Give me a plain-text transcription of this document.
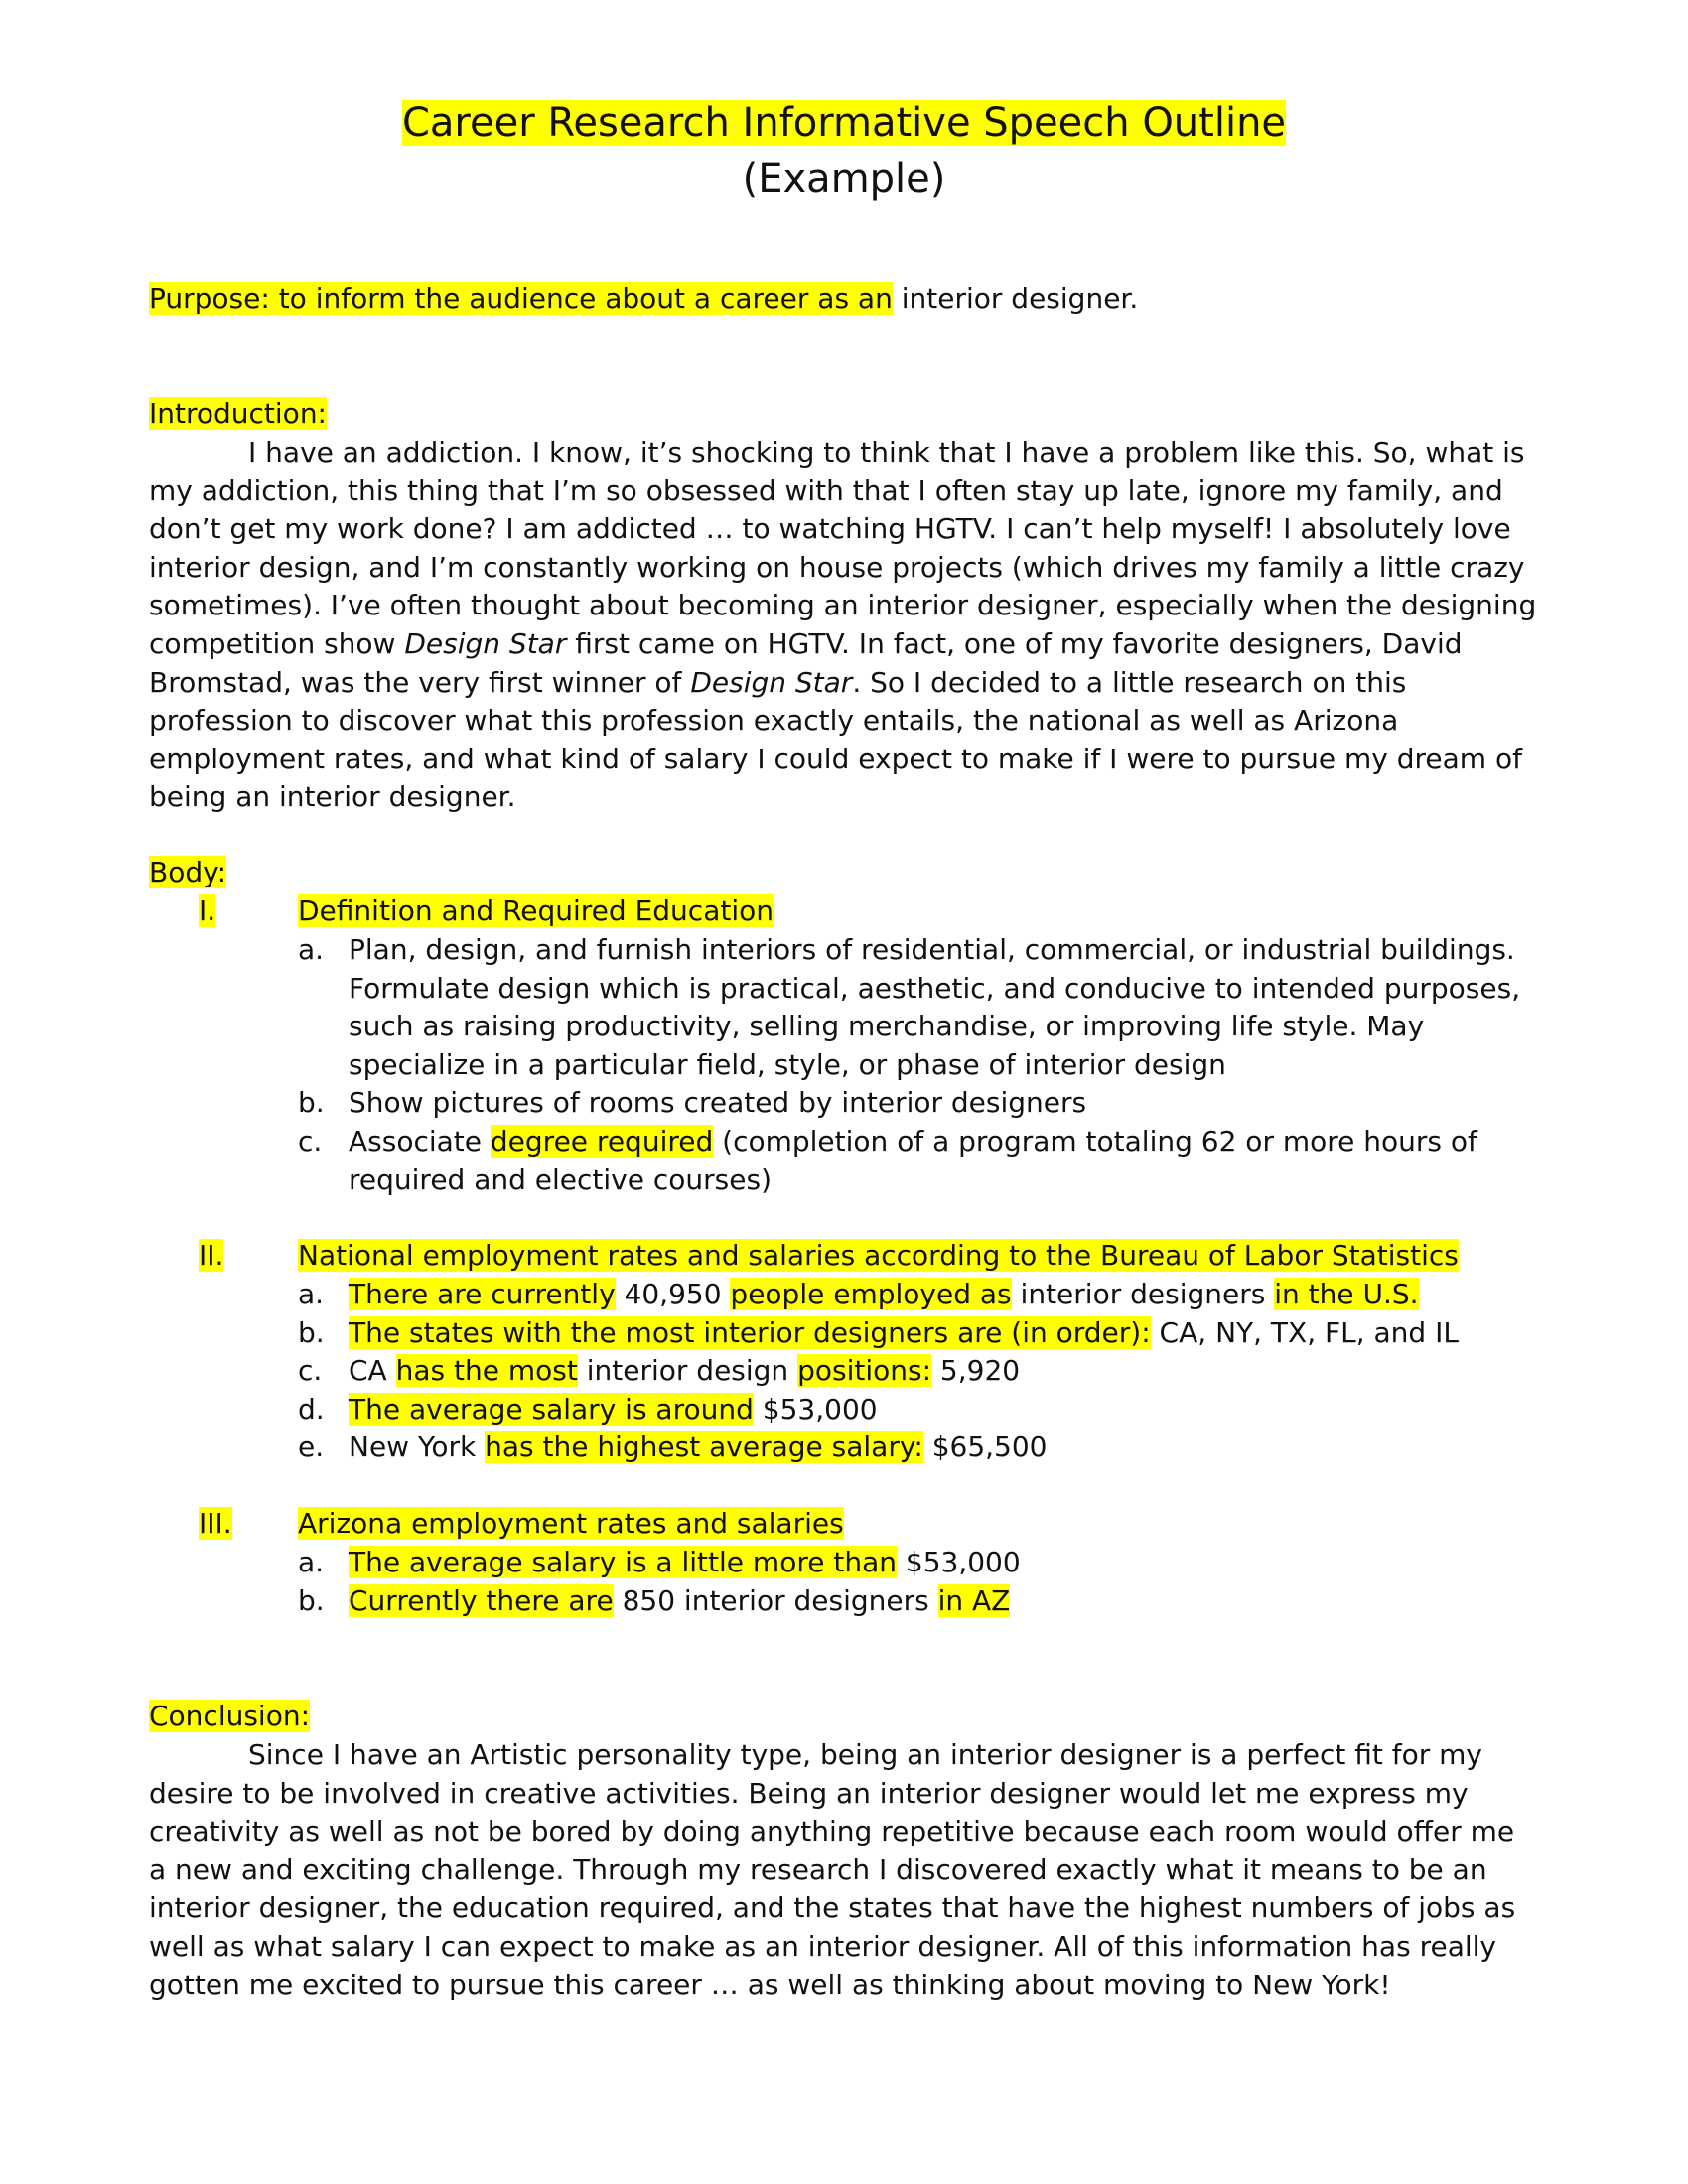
Career Research Informative Speech Outline
(Example)
Purpose: to inform the audience about a career as an interior designer.
Introduction:

I have an addiction. I know, it’s shocking to think that I have a problem like this. So, what is my addiction, this thing that I’m so obsessed with that I often stay up late, ignore my family, and don’t get my work done? I am addicted … to watching HGTV. I can’t help myself! I absolutely love interior design, and I’m constantly working on house projects (which drives my family a little crazy sometimes). I’ve often thought about becoming an interior designer, especially when the designing competition show Design Star first came on HGTV. In fact, one of my favorite designers, David Bromstad, was the very first winner of Design Star. So I decided to a little research on this profession to discover what this profession exactly entails, the national as well as Arizona employment rates, and what kind of salary I could expect to make if I were to pursue my dream of being an interior designer.

Body:
I.	Definition and Required Education
a. Plan, design, and furnish interiors of residential, commercial, or industrial buildings. Formulate design which is practical, aesthetic, and conducive to intended purposes, such as raising productivity, selling merchandise, or improving life style. May specialize in a particular field, style, or phase of interior design
b. Show pictures of rooms created by interior designers
c. Associate degree required (completion of a program totaling 62 or more hours of required and elective courses)
II.	National employment rates and salaries according to the Bureau of Labor Statistics
a. There are currently 40,950 people employed as interior designers in the U.S.
b. The states with the most interior designers are (in order): CA, NY, TX, FL, and IL
c. CA has the most interior design positions: 5,920
d. The average salary is around $53,000
e. New York has the highest average salary: $65,500
III.	Arizona employment rates and salaries
a. The average salary is a little more than $53,000
b. Currently there are 850 interior designers in AZ
Conclusion:

Since I have an Artistic personality type, being an interior designer is a perfect fit for my desire to be involved in creative activities. Being an interior designer would let me express my creativity as well as not be bored by doing anything repetitive because each room would offer me a new and exciting challenge. Through my research I discovered exactly what it means to be an interior designer, the education required, and the states that have the highest numbers of jobs as well as what salary I can expect to make as an interior designer. All of this information has really gotten me excited to pursue this career … as well as thinking about moving to New York!
